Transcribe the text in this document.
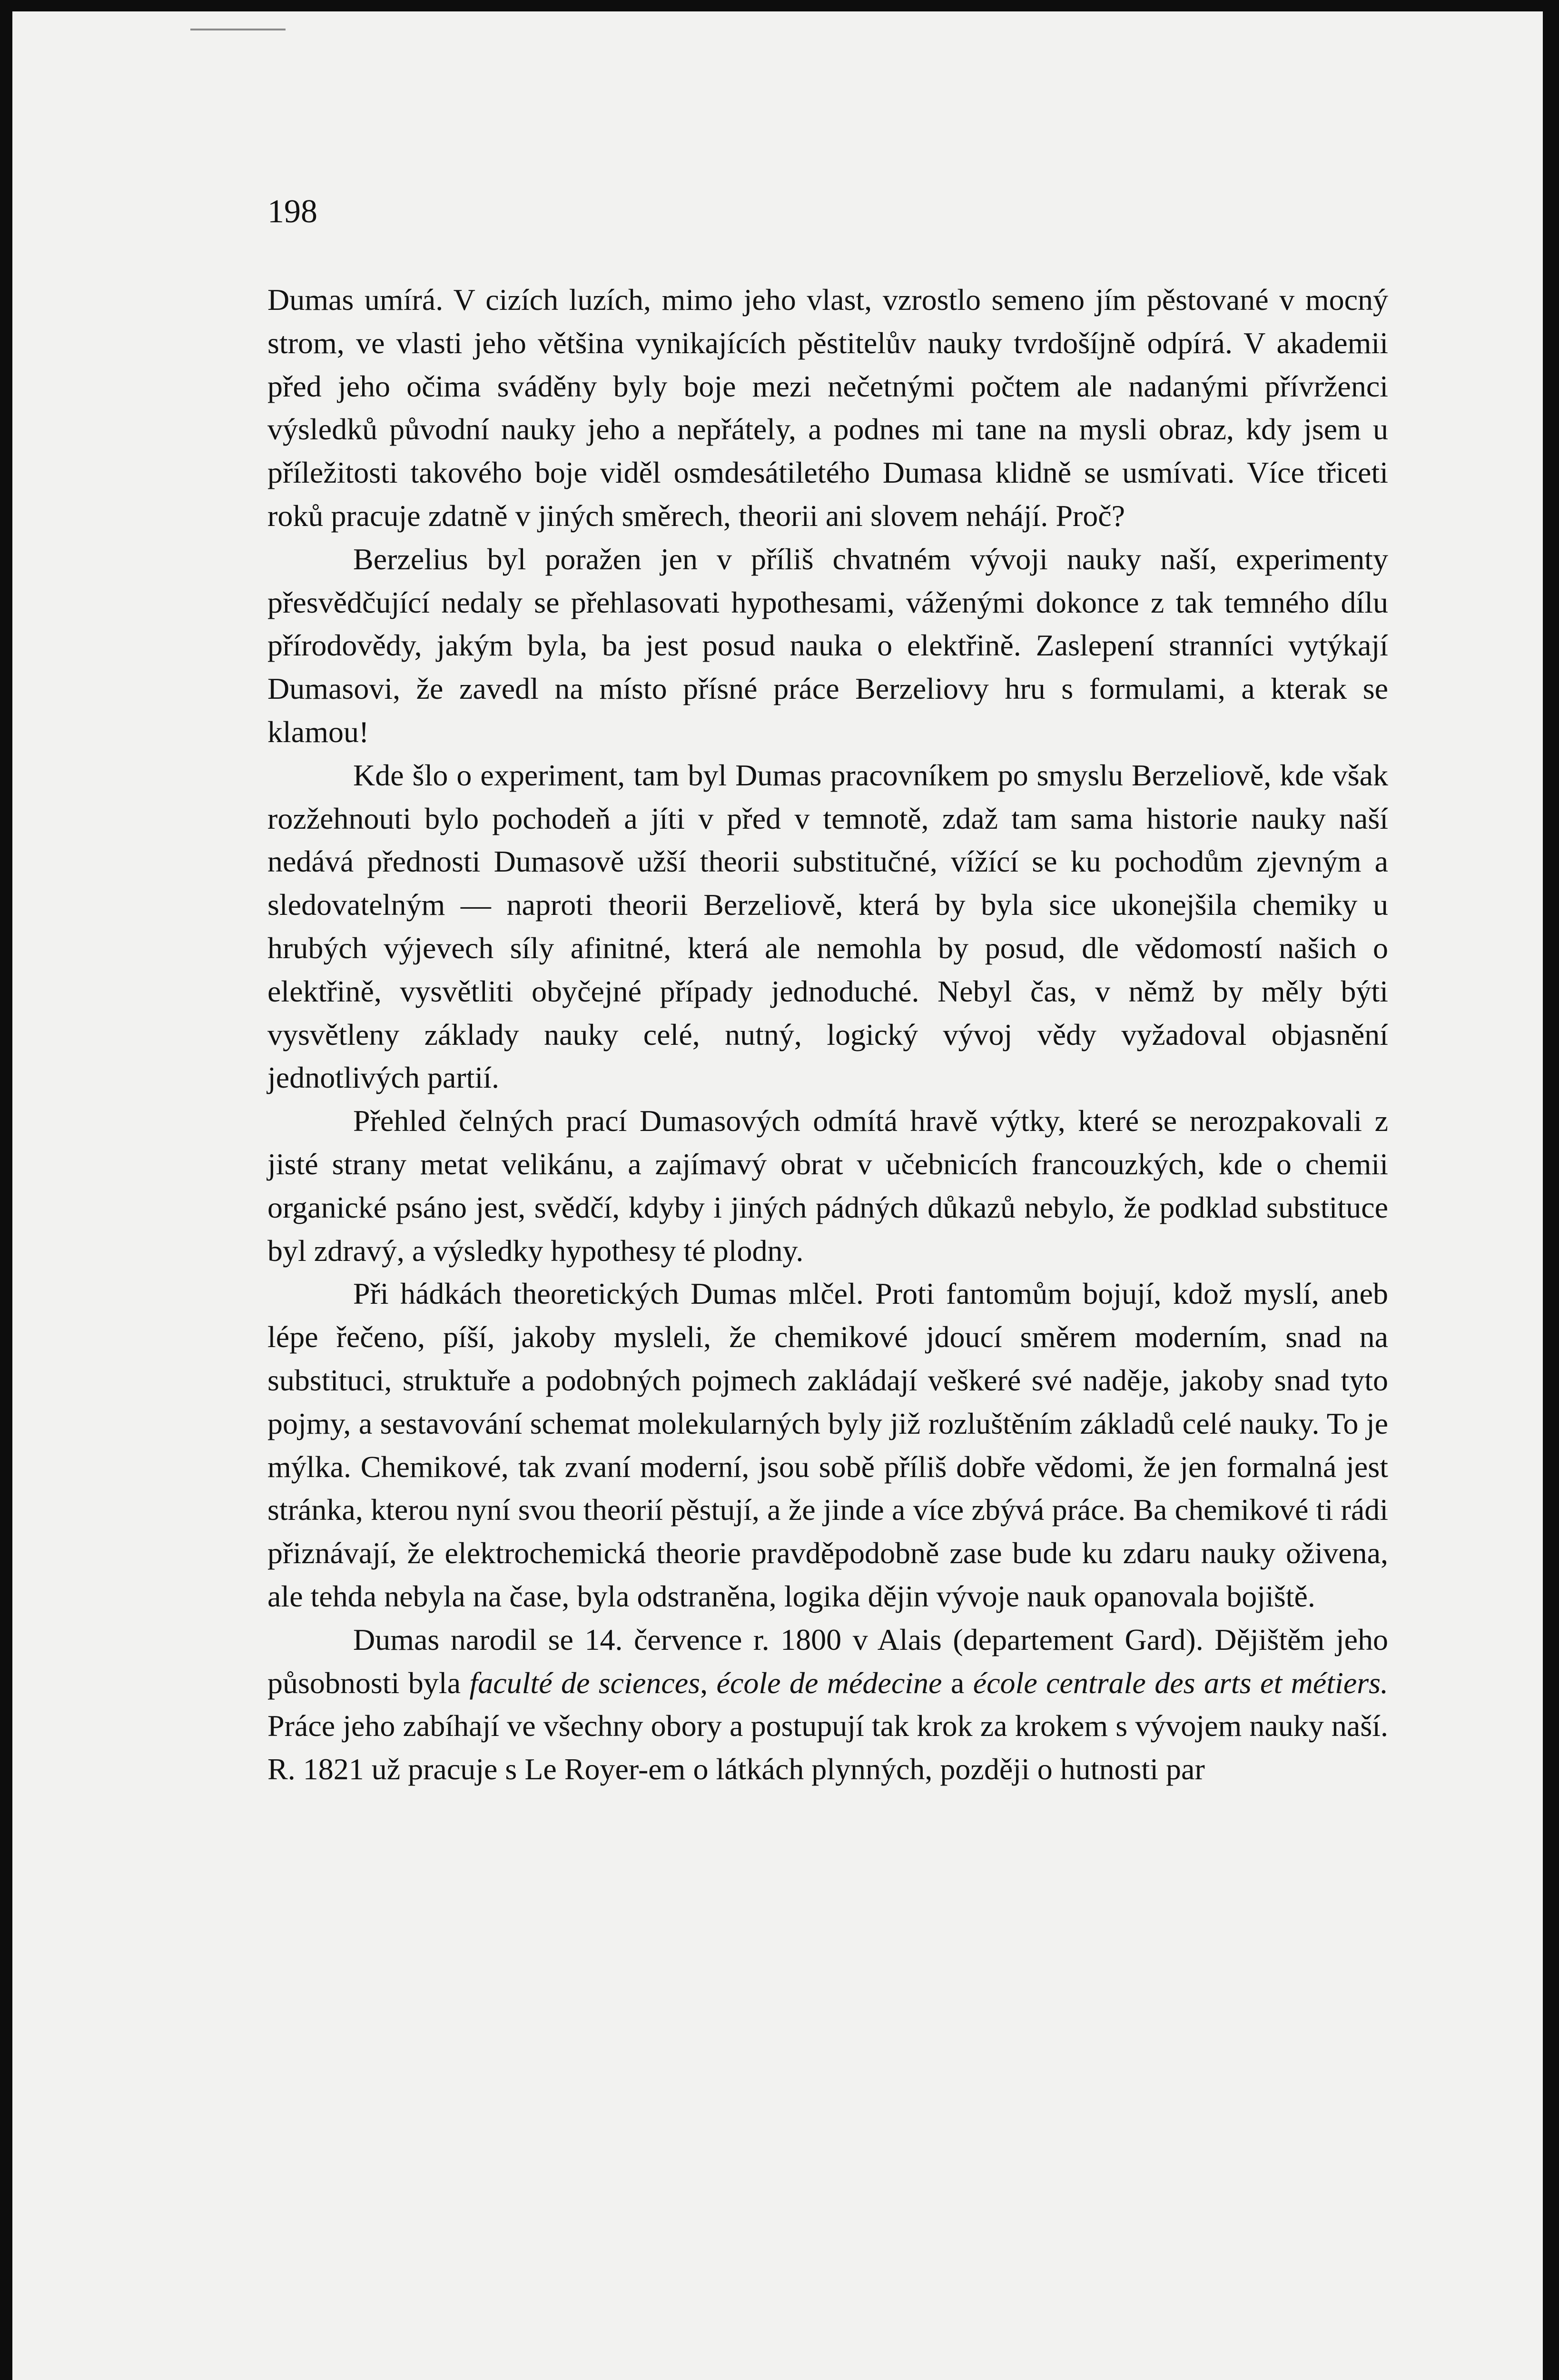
198

Dumas umírá. V cizích luzích, mimo jeho vlast, vzrostlo semeno jím pěstované v mocný strom, ve vlasti jeho většina vynikajících pěstitelův nauky tvrdošíjně odpírá. V akademii před jeho očima sváděny byly boje mezi nečetnými počtem ale nadanými přívrženci výsledků původní nauky jeho a nepřátely, a podnes mi tane na mysli obraz, kdy jsem u příležitosti takového boje viděl osmdesátiletého Dumasa klidně se usmívati. Více třiceti roků pracuje zdatně v jiných směrech, theorii ani slovem nehájí. Proč?

Berzelius byl poražen jen v příliš chvatném vývoji nauky naší, experimenty přesvědčující nedaly se přehlasovati hypothesami, váženými dokonce z tak temného dílu přírodovědy, jakým byla, ba jest posud nauka o elektřině. Zaslepení stranníci vytýkají Dumasovi, že zavedl na místo přísné práce Berzeliovy hru s formulami, a kterak se klamou!

Kde šlo o experiment, tam byl Dumas pracovníkem po smyslu Berzeliově, kde však rozžehnouti bylo pochodeň a jíti v před v temnotě, zdaž tam sama historie nauky naší nedává přednosti Dumasově užší theorii substitučné, vížící se ku pochodům zjevným a sledovatelným — naproti theorii Berzeliově, která by byla sice ukonejšila chemiky u hrubých výjevech síly afinitné, která ale nemohla by posud, dle vědomostí našich o elektřině, vysvětliti obyčejné případy jednoduché. Nebyl čas, v němž by měly býti vysvětleny základy nauky celé, nutný, logický vývoj vědy vyžadoval objasnění jednotlivých partií.

Přehled čelných prací Dumasových odmítá hravě výtky, které se nerozpakovali z jisté strany metat velikánu, a zajímavý obrat v učebnicích francouzkých, kde o chemii organické psáno jest, svědčí, kdyby i jiných pádných důkazů nebylo, že podklad substituce byl zdravý, a výsledky hypothesy té plodny.

Při hádkách theoretických Dumas mlčel. Proti fantomům bojují, kdož myslí, aneb lépe řečeno, píší, jakoby mysleli, že chemikové jdoucí směrem moderním, snad na substituci, struktuře a podobných pojmech zakládají veškeré své naděje, jakoby snad tyto pojmy, a sestavování schemat molekularných byly již rozluštěním základů celé nauky. To je mýlka. Chemikové, tak zvaní moderní, jsou sobě příliš dobře vědomi, že jen formalná jest stránka, kterou nyní svou theorií pěstují, a že jinde a více zbývá práce. Ba chemikové ti rádi přiznávají, že elektrochemická theorie pravděpodobně zase bude ku zdaru nauky oživena, ale tehda nebyla na čase, byla odstraněna, logika dějin vývoje nauk opanovala bojiště.

Dumas narodil se 14. července r. 1800 v Alais (departement Gard). Dějištěm jeho působnosti byla faculté de sciences, école de médecine a école centrale des arts et métiers. Práce jeho zabíhají ve všechny obory a postupují tak krok za krokem s vývojem nauky naší. R. 1821 už pracuje s Le Royer-em o látkách plynných, později o hutnosti par
